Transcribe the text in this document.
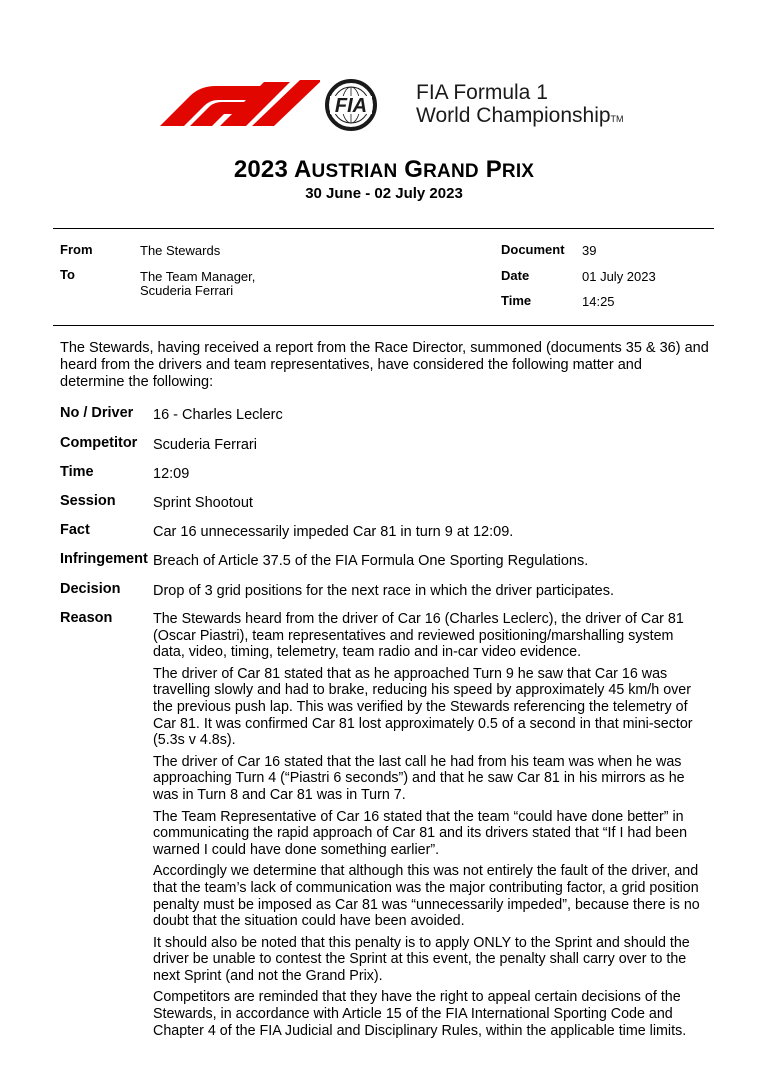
FIA
FIA Formula 1
World ChampionshipTM
2023 AUSTRIAN GRAND PRIX
30 June - 02 July 2023
From	The Stewards
To	The Team Manager,
Scuderia Ferrari
Document 39
Date	01 July 2023
Time	14:25
The Stewards, having received a report from the Race Director, summoned (documents 35 & 36) and heard from the drivers and team representatives, have considered the following matter and determine the following:
No / Driver 16 - Charles Leclerc
Competitor Scuderia Ferrari
Time	12:09
Session	Sprint Shootout
Fact	Car 16 unnecessarily impeded Car 81 in turn 9 at 12:09.
Infringement Breach of Article 37.5 of the FIA Formula One Sporting Regulations.
Decision Drop of 3 grid positions for the next race in which the driver participates.
Reason	The Stewards heard from the driver of Car 16 (Charles Leclerc), the driver of Car 81 (Oscar Piastri), team representatives and reviewed positioning/marshalling system data, video, timing, telemetry, team radio and in-car video evidence.

The driver of Car 81 stated that as he approached Turn 9 he saw that Car 16 was travelling slowly and had to brake, reducing his speed by approximately 45 km/h over the previous push lap. This was verified by the Stewards referencing the telemetry of Car 81. It was confirmed Car 81 lost approximately 0.5 of a second in that mini-sector (5.3s v 4.8s).

The driver of Car 16 stated that the last call he had from his team was when he was approaching Turn 4 (“Piastri 6 seconds”) and that he saw Car 81 in his mirrors as he was in Turn 8 and Car 81 was in Turn 7.

The Team Representative of Car 16 stated that the team “could have done better” in communicating the rapid approach of Car 81 and its drivers stated that “If I had been warned I could have done something earlier”.

Accordingly we determine that although this was not entirely the fault of the driver, and that the team’s lack of communication was the major contributing factor, a grid position penalty must be imposed as Car 81 was “unnecessarily impeded”, because there is no doubt that the situation could have been avoided.

It should also be noted that this penalty is to apply ONLY to the Sprint and should the driver be unable to contest the Sprint at this event, the penalty shall carry over to the next Sprint (and not the Grand Prix).

Competitors are reminded that they have the right to appeal certain decisions of the Stewards, in accordance with Article 15 of the FIA International Sporting Code and Chapter 4 of the FIA Judicial and Disciplinary Rules, within the applicable time limits.
